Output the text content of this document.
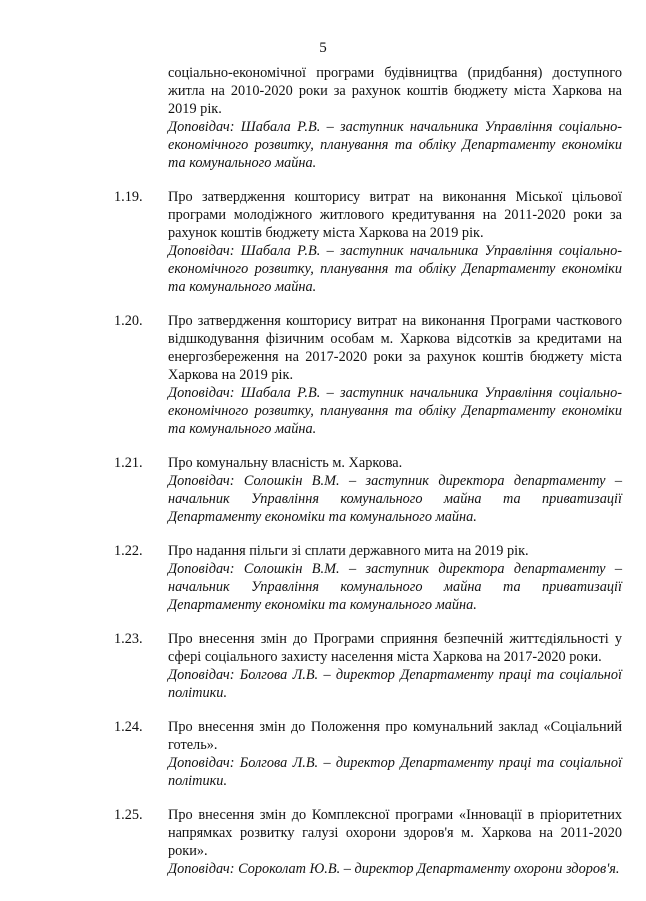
5
соціально-економічної програми будівництва (придбання) доступного житла на 2010-2020 роки за рахунок коштів бюджету міста Харкова на 2019 рік.
Доповідач: Шабала Р.В. – заступник начальника Управління соціально-економічного розвитку, планування та обліку Департаменту економіки та комунального майна.
1.19. Про затвердження кошторису витрат на виконання Міської цільової програми молодіжного житлового кредитування на 2011-2020 роки за рахунок коштів бюджету міста Харкова на 2019 рік.
Доповідач: Шабала Р.В. – заступник начальника Управління соціально-економічного розвитку, планування та обліку Департаменту економіки та комунального майна.
1.20. Про затвердження кошторису витрат на виконання Програми часткового відшкодування фізичним особам м. Харкова відсотків за кредитами на енергозбереження на 2017-2020 роки за рахунок коштів бюджету міста Харкова на 2019 рік.
Доповідач: Шабала Р.В. – заступник начальника Управління соціально-економічного розвитку, планування та обліку Департаменту економіки та комунального майна.
1.21. Про комунальну власність м. Харкова.
Доповідач: Солошкін В.М. – заступник директора департаменту – начальник Управління комунального майна та приватизації Департаменту економіки та комунального майна.
1.22. Про надання пільги зі сплати державного мита на 2019 рік.
Доповідач: Солошкін В.М. – заступник директора департаменту – начальник Управління комунального майна та приватизації Департаменту економіки та комунального майна.
1.23. Про внесення змін до Програми сприяння безпечній життєдіяльності у сфері соціального захисту населення міста Харкова на 2017-2020 роки.
Доповідач: Болгова Л.В. – директор Департаменту праці та соціальної політики.
1.24. Про внесення змін до Положення про комунальний заклад «Соціальний готель».
Доповідач: Болгова Л.В. – директор Департаменту праці та соціальної політики.
1.25. Про внесення змін до Комплексної програми «Інновації в пріоритетних напрямках розвитку галузі охорони здоров'я м. Харкова на 2011-2020 роки».
Доповідач: Сороколат Ю.В. – директор Департаменту охорони здоров'я.
